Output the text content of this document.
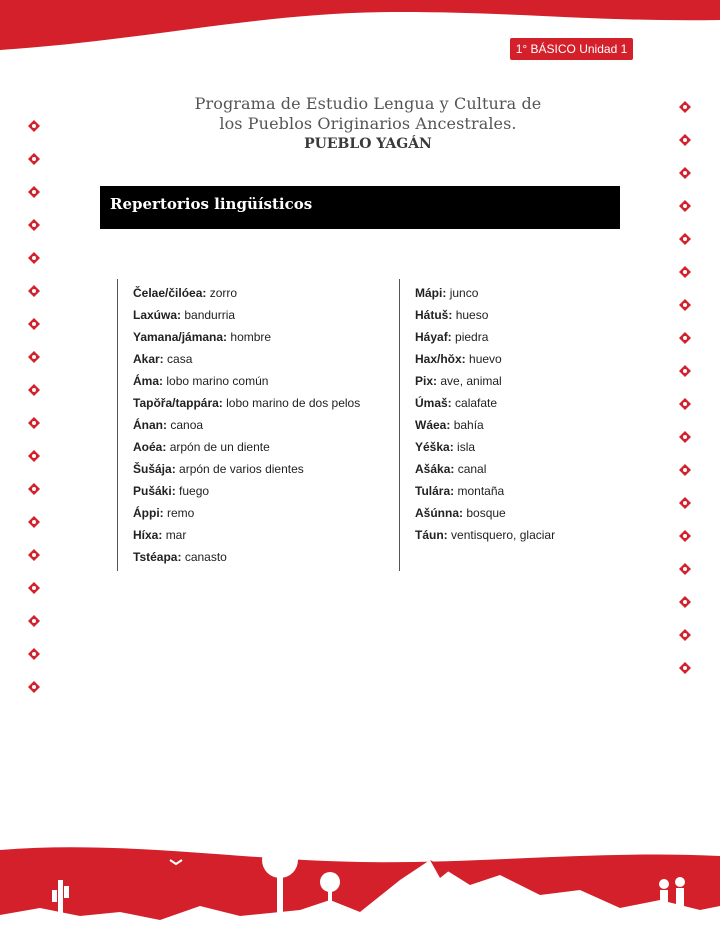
1° BÁSICO Unidad 1
Programa de Estudio Lengua y Cultura de
los Pueblos Originarios Ancestrales.
PUEBLO YAGÁN
Repertorios lingüísticos
Čelae/čilóea: zorro
Laxúwa: bandurria
Yamana/jámana: hombre
Akar: casa
Áma: lobo marino común
Tapŏřa/tappára: lobo marino de dos pelos
Ánan: canoa
Aoéa: arpón de un diente
Šušája: arpón de varios dientes
Pušáki: fuego
Áppi: remo
Híxa: mar
Tstéapa: canasto
Mápi: junco
Hátuš: hueso
Háyaf: piedra
Hax/hŏx: huevo
Pix: ave, animal
Úmaš: calafate
Wáea: bahía
Yéška: isla
Ašáka: canal
Tulára: montaña
Ašúnna: bosque
Táun: ventisquero, glaciar
